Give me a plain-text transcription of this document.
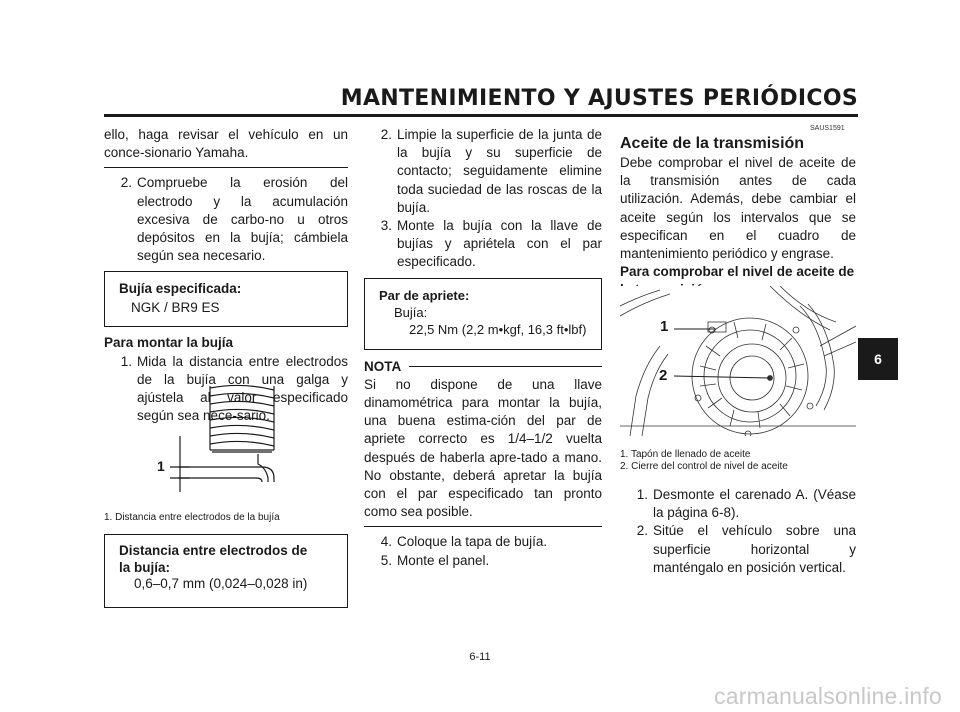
MANTENIMIENTO Y AJUSTES PERIÓDICOS

ello, haga revisar el vehículo en un conce-sionario Yamaha.

2. Compruebe la erosión del electrodo y la acumulación excesiva de carbo-no u otros depósitos en la bujía; cámbiela según sea necesario.
Bujía especificada:
NGK / BR9 ES
Para montar la bujía
1. Mida la distancia entre electrodos de la bujía con una galga y ajústela al valor especificado según sea nece-sario.
1
1. Distancia entre electrodos de la bujía
Distancia entre electrodos de la bujía:
0,6–0,7 mm (0,024–0,028 in)
2. Limpie la superficie de la junta de la bujía y su superficie de contacto; seguidamente elimine toda suciedad de las roscas de la bujía.
3. Monte la bujía con la llave de bujías y apriétela con el par especificado.
Par de apriete:
Bujía:
22,5 Nm (2,2 m•kgf, 16,3 ft•lbf)
NOTA

Si no dispone de una llave dinamométrica para montar la bujía, una buena estima-ción del par de apriete correcto es 1/4–1/2 vuelta después de haberla apre-tado a mano. No obstante, deberá apretar la bujía con el par especificado tan pronto como sea posible.

4. Coloque la tapa de bujía.
5. Monte el panel.
SAUS1591
Aceite de la transmisión

Debe comprobar el nivel de aceite de la transmisión antes de cada utilización. Además, debe cambiar el aceite según los intervalos que se especifican en el cuadro de mantenimiento periódico y engrase.

Para comprobar el nivel de aceite de
1
2
1. Tapón de llenado de aceite
2. Cierre del control de nivel de aceite
1. Desmonte el carenado A. (Véase la página 6-8).
2. Sitúe el vehículo sobre una superficie horizontal y manténgalo en posición vertical.
6
6-11
carmanualsonline.info
